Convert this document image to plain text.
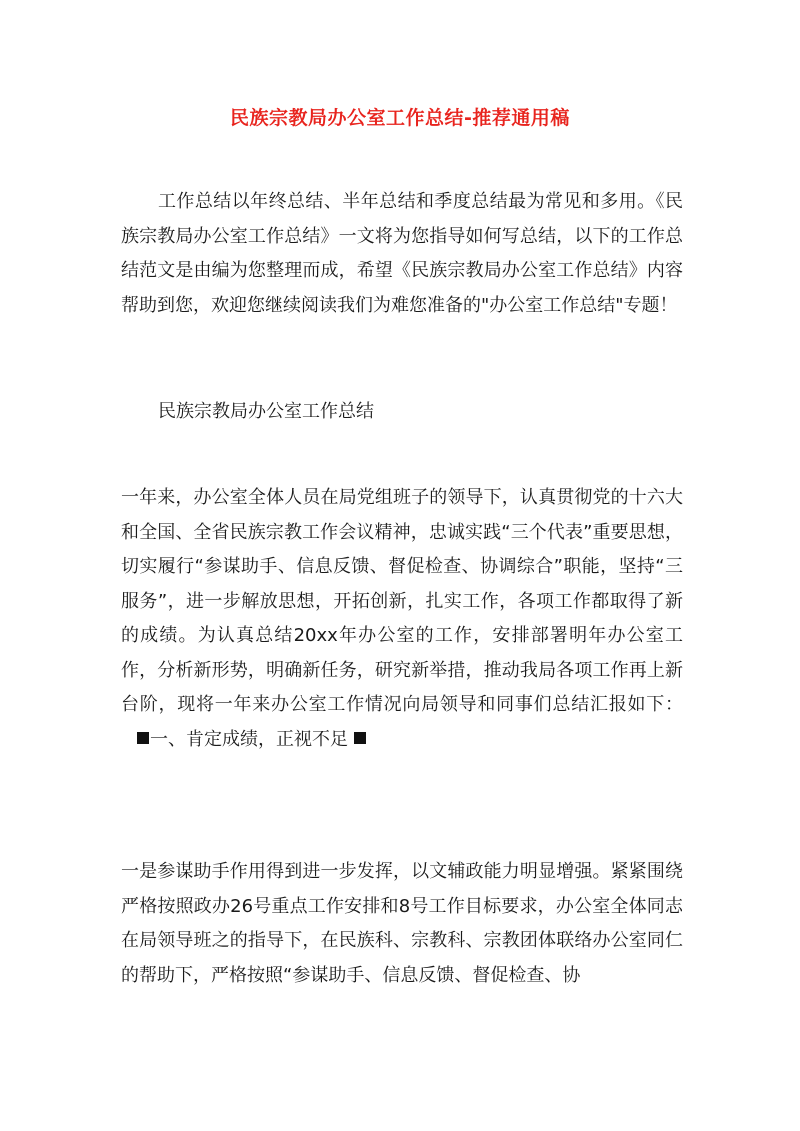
民族宗教局办公室工作总结-推荐通用稿
工作总结以年终总结、半年总结和季度总结最为常见和多用。《民族宗教局办公室工作总结》一文将为您指导如何写总结，以下的工作总结范文是由编为您整理而成，希望《民族宗教局办公室工作总结》内容帮助到您，欢迎您继续阅读我们为难您准备的"办公室工作总结"专题！
民族宗教局办公室工作总结
一年来，办公室全体人员在局党组班子的领导下，认真贯彻党的十六大和全国、全省民族宗教工作会议精神，忠诚实践“三个代表”重要思想，切实履行“参谋助手、信息反馈、督促检查、协调综合”职能，坚持“三服务”，进一步解放思想，开拓创新，扎实工作，各项工作都取得了新的成绩。为认真总结20xx年办公室的工作，安排部署明年办公室工作，分析新形势，明确新任务，研究新举措，推动我局各项工作再上新台阶，现将一年来办公室工作情况向局领导和同事们总结汇报如下：一、肯定成绩，正视不足
一是参谋助手作用得到进一步发挥，以文辅政能力明显增强。紧紧围绕严格按照政办26号重点工作安排和8号工作目标要求，办公室全体同志在局领导班之的指导下，在民族科、宗教科、宗教团体联络办公室同仁的帮助下，严格按照“参谋助手、信息反馈、督促检查、协
